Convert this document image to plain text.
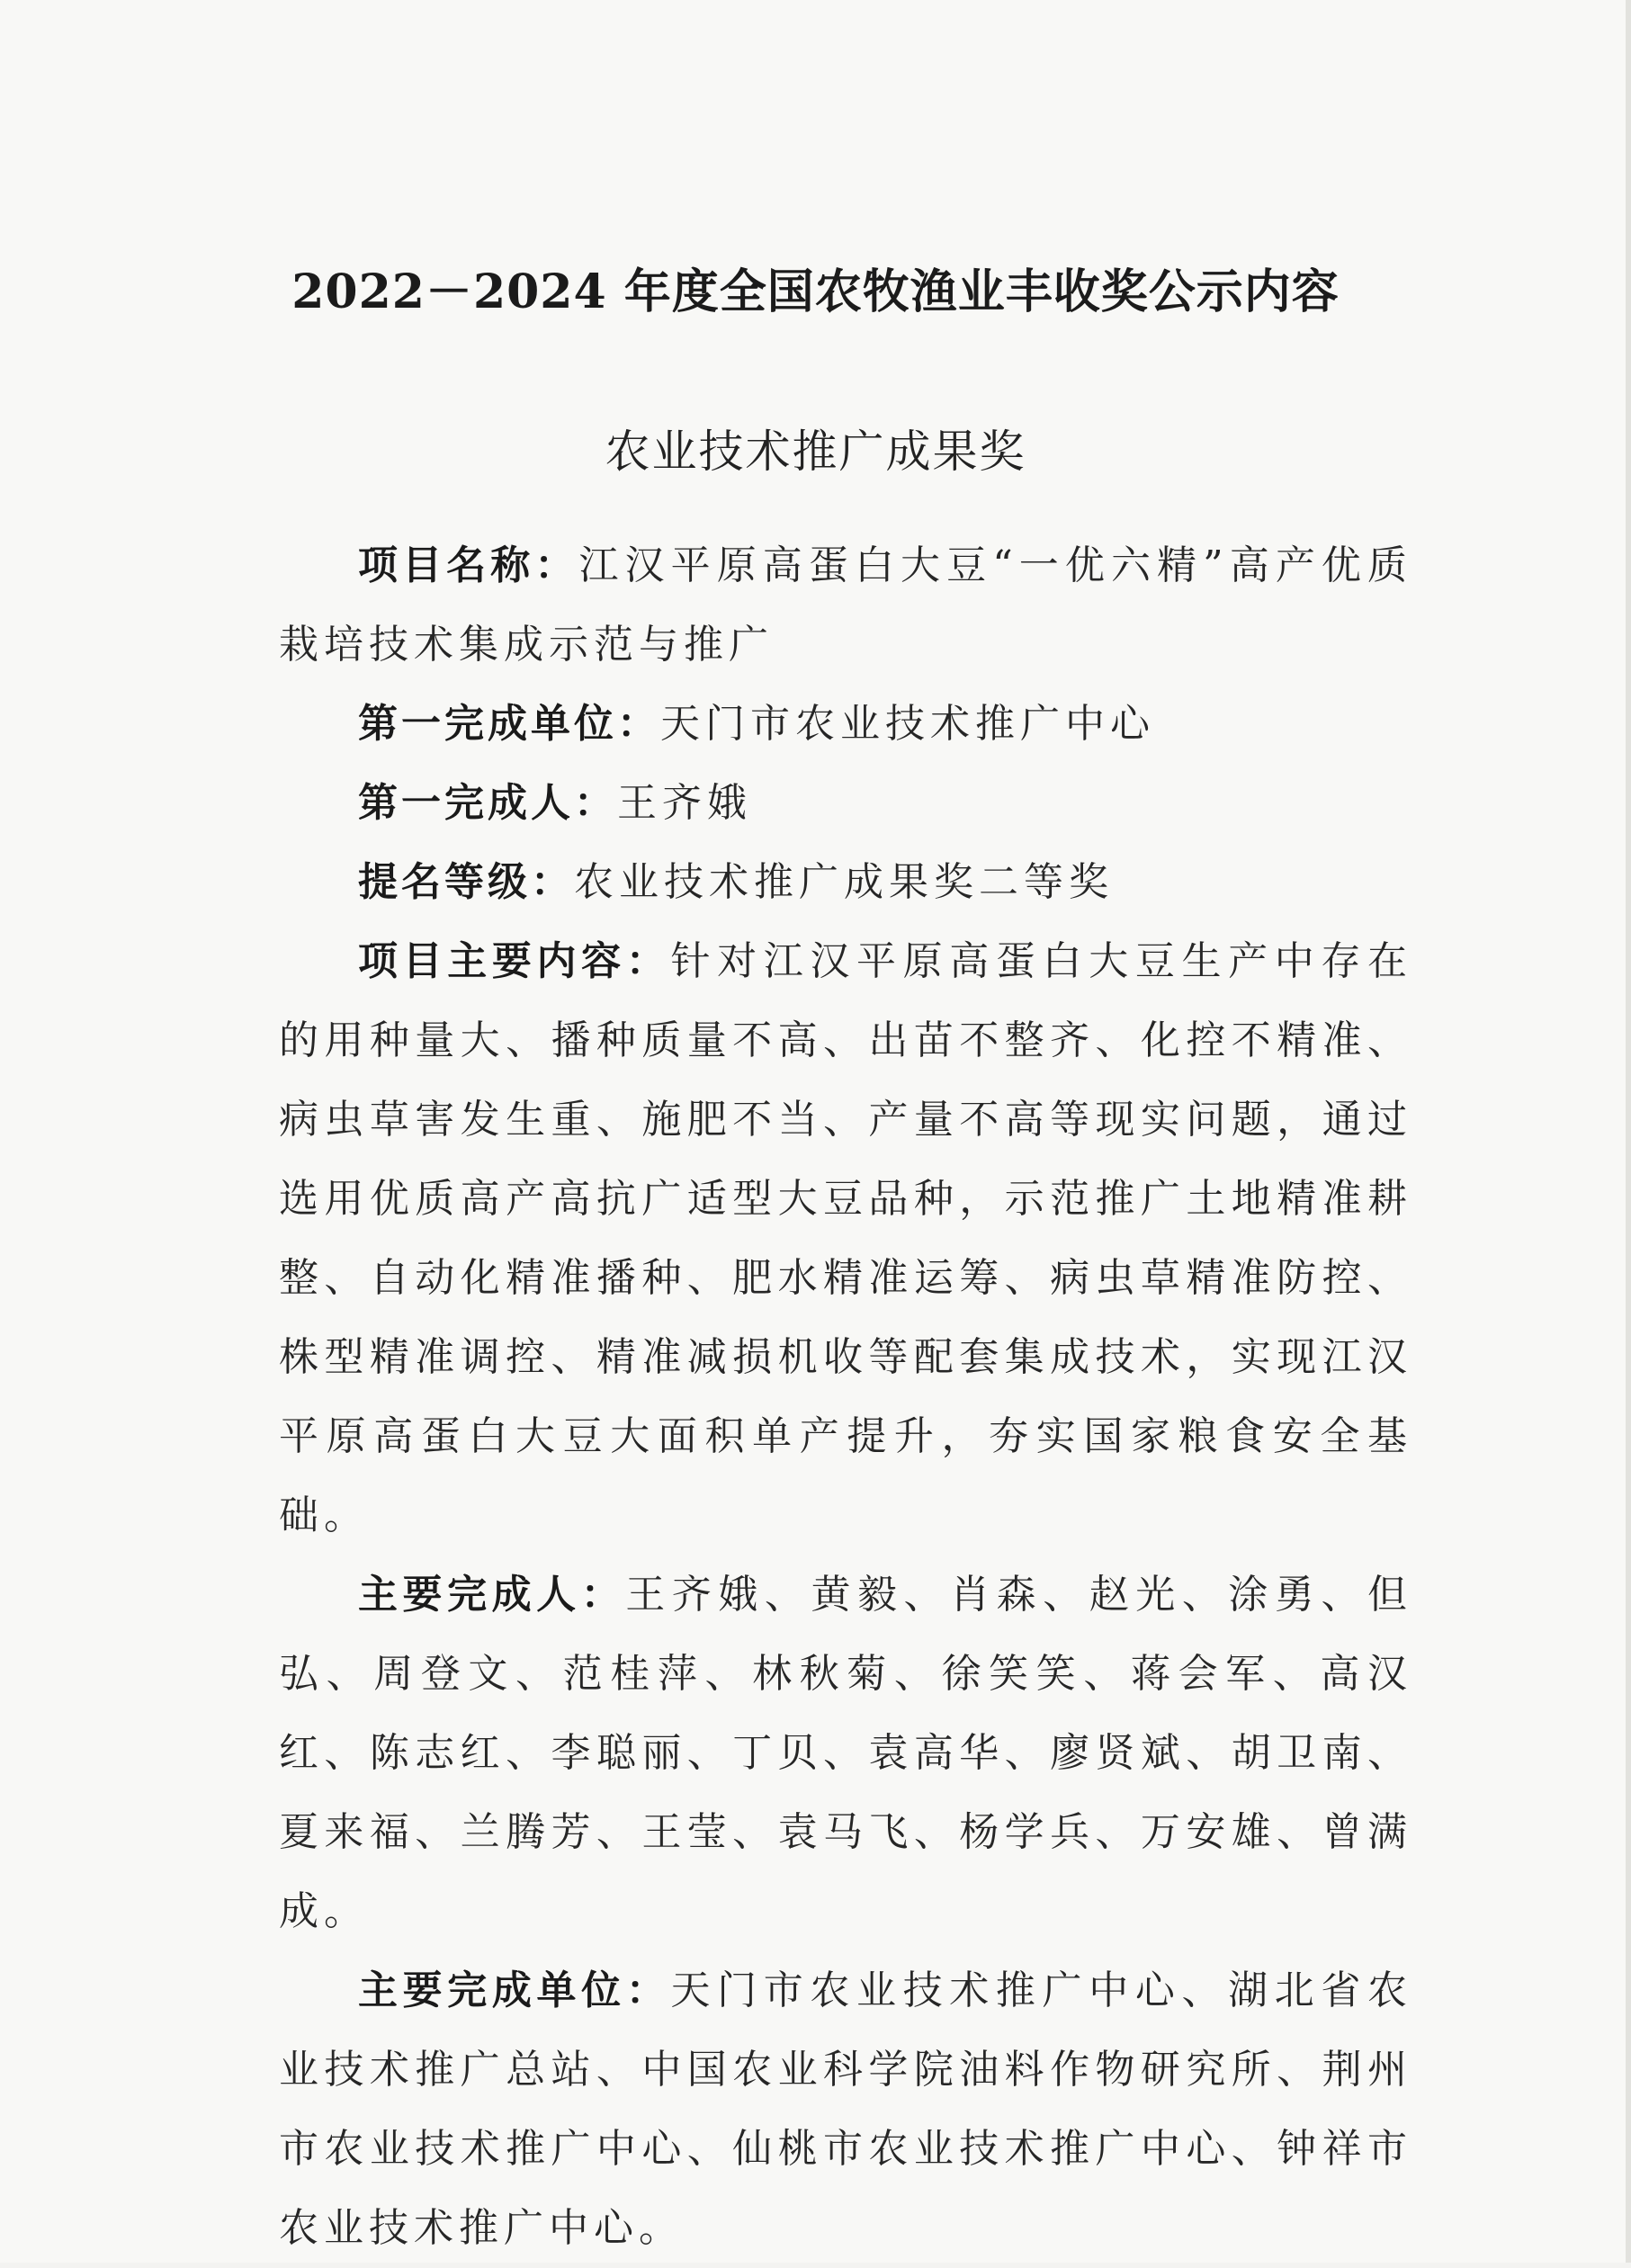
2022－2024 年度全国农牧渔业丰收奖公示内容
农业技术推广成果奖

项目名称：江汉平原高蛋白大豆“一优六精”高产优质栽培技术集成示范与推广

第一完成单位：天门市农业技术推广中心

第一完成人：王齐娥

提名等级：农业技术推广成果奖二等奖

项目主要内容：针对江汉平原高蛋白大豆生产中存在的用种量大、播种质量不高、出苗不整齐、化控不精准、病虫草害发生重、施肥不当、产量不高等现实问题，通过选用优质高产高抗广适型大豆品种，示范推广土地精准耕整、自动化精准播种、肥水精准运筹、病虫草精准防控、株型精准调控、精准减损机收等配套集成技术，实现江汉平原高蛋白大豆大面积单产提升，夯实国家粮食安全基础。

主要完成人：王齐娥、黄毅、肖森、赵光、涂勇、但弘、周登文、范桂萍、林秋菊、徐笑笑、蒋会军、高汉红、陈志红、李聪丽、丁贝、袁高华、廖贤斌、胡卫南、夏来福、兰腾芳、王莹、袁马飞、杨学兵、万安雄、曾满成。

主要完成单位：天门市农业技术推广中心、湖北省农业技术推广总站、中国农业科学院油料作物研究所、荆州市农业技术推广中心、仙桃市农业技术推广中心、钟祥市农业技术推广中心。
